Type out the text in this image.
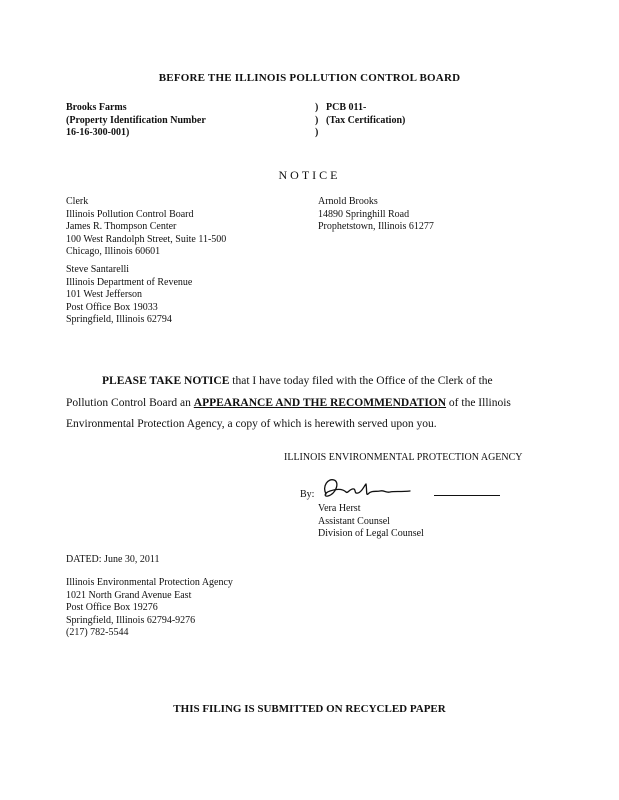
BEFORE THE ILLINOIS POLLUTION CONTROL BOARD
Brooks Farms
(Property Identification Number
16-16-300-001)
)
)
)
PCB 011-
(Tax Certification)
NOTICE
Clerk
Illinois Pollution Control Board
James R. Thompson Center
100 West Randolph Street, Suite 11-500
Chicago, Illinois 60601
Arnold Brooks
14890 Springhill Road
Prophetstown, Illinois 61277
Steve Santarelli
Illinois Department of Revenue
101 West Jefferson
Post Office Box 19033
Springfield, Illinois 62794
PLEASE TAKE NOTICE that I have today filed with the Office of the Clerk of the
Pollution Control Board an APPEARANCE AND THE RECOMMENDATION of the Illinois
Environmental Protection Agency, a copy of which is herewith served upon you.
ILLINOIS ENVIRONMENTAL PROTECTION AGENCY
By:
Vera Herst
Assistant Counsel
Division of Legal Counsel
DATED: June 30, 2011
Illinois Environmental Protection Agency
1021 North Grand Avenue East
Post Office Box 19276
Springfield, Illinois 62794-9276
(217) 782-5544
THIS FILING IS SUBMITTED ON RECYCLED PAPER
